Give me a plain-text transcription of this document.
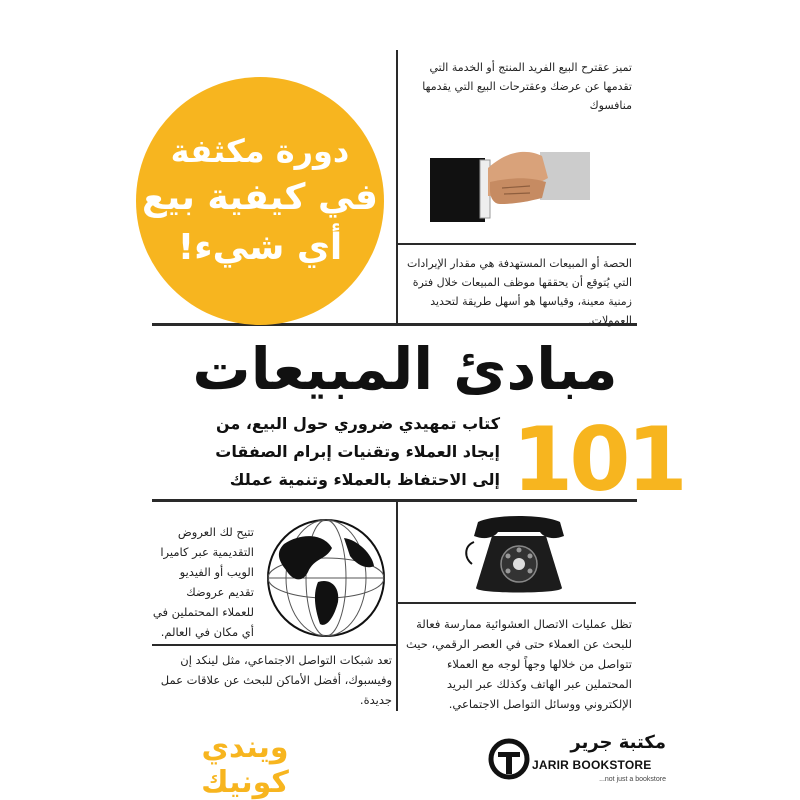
دورة مكثفة
في كيفية بيع
أي شيء!
تميز عقترح البيع الفريد المنتج أو الخدمة التي تقدمها عن عرضك وعقترحات البيع التي يقدمها منافسوك
الحصة أو المبيعات المستهدفة هي مقدار الإيرادات التي يُتوقع أن يحققها موظف المبيعات خلال فترة زمنية معينة، وقياسها هو أسهل طريقة لتحديد العمولات.
مبادئ المبيعات
101
كتاب تمهيدي ضروري حول البيع، من
إيجاد العملاء وتقنيات إبرام الصفقات
إلى الاحتفاظ بالعملاء وتنمية عملك
تتيح لك العروض التقديمية عبر كاميرا الويب أو الفيديو تقديم عروضك للعملاء المحتملين في أي مكان في العالم.
تظل عمليات الاتصال العشوائية ممارسة فعالة للبحث عن العملاء حتى في العصر الرقمي، حيث تتواصل من خلالها وجهاً لوجه مع العملاء المحتملين عبر الهاتف وكذلك عبر البريد الإلكتروني ووسائل التواصل الاجتماعي.
تعد شبكات التواصل الاجتماعي، مثل لينكد إن وفيسبوك، أفضل الأماكن للبحث عن علاقات عمل جديدة.
ويندي كونيك
مكتبة جرير
JARIR BOOKSTORE
...not just a bookstore
